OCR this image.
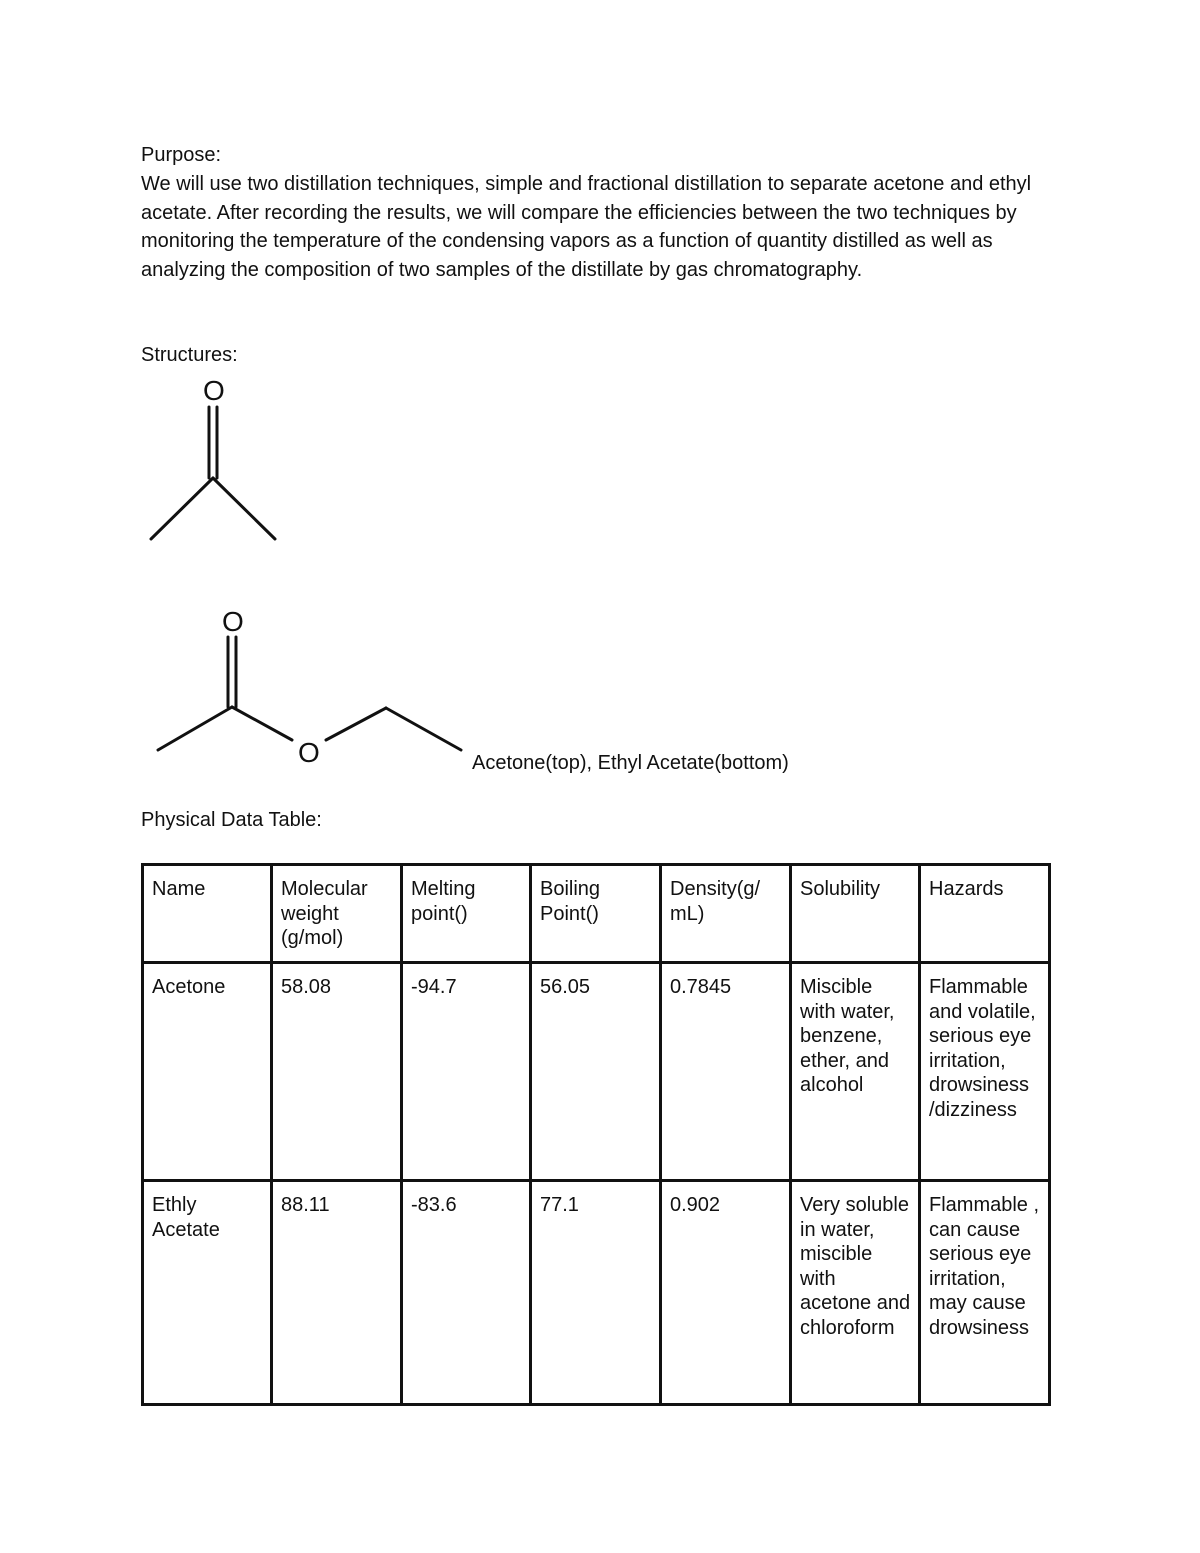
Purpose:
We will use two distillation techniques, simple and fractional distillation to separate acetone and ethyl acetate. After recording the results, we will compare the efficiencies between the two techniques by monitoring the temperature of the condensing vapors as a function of quantity distilled as well as analyzing the composition of two samples of the distillate by gas chromatography.
Structures:
O
O
O	Acetone(top), Ethyl Acetate(bottom)
Physical Data Table:
Name	Molecular weight (g/mol)	Melting point()	Boiling Point()	Density(g/ mL)	Solubility	Hazards
Acetone	58.08	-94.7	56.05	0.7845	Miscible with water, benzene, ether, and alcohol	Flammable and volatile, serious eye irritation, drowsiness /dizziness
Ethly Acetate	88.11	-83.6	77.1	0.902	Very soluble in water, miscible with acetone and chloroform	Flammable , can cause serious eye irritation, may cause drowsiness
